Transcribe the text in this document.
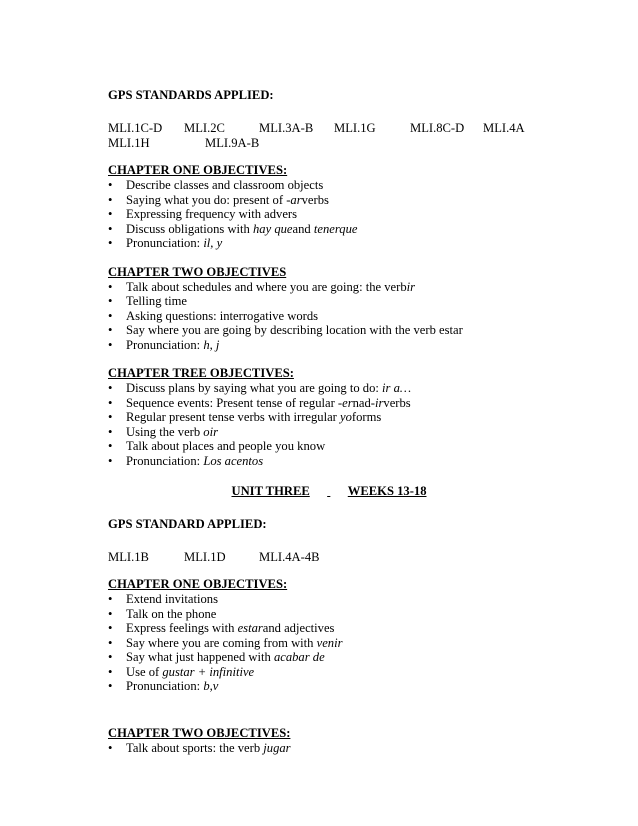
GPS STANDARDS APPLIED:
MLI.1C-D MLI.2C	MLI.3A-B MLI.1G	MLI.8C-D MLI.4A
MLI.1H	MLI.9A-B
CHAPTER ONE OBJECTIVES:
• Describe classes and classroom objects
• Saying what you do: present of -arverbs
• Expressing frequency with advers
• Discuss obligations with hay queand tenerque
• Pronunciation: il, y
CHAPTER TWO OBJECTIVES
• Talk about schedules and where you are going: the verbir
• Telling time
• Asking questions: interrogative words
• Say where you are going by describing location with the verb estar
• Pronunciation: h, j
CHAPTER TREE OBJECTIVES:
• Discuss plans by saying what you are going to do: ir a…
• Sequence events: Present tense of regular -ernad-irverbs
• Regular present tense verbs with irregular yoforms
• Using the verb oir
• Talk about places and people you know
• Pronunciation: Los acentos
UNIT THREE	WEEKS 13-18
GPS STANDARD APPLIED:
MLI.1B	MLI.1D	MLI.4A-4B
CHAPTER ONE OBJECTIVES:
• Extend invitations
• Talk on the phone
• Express feelings with estarand adjectives
• Say where you are coming from with venir
• Say what just happened with acabar de
• Use of gustar + infinitive
• Pronunciation: b,v
CHAPTER TWO OBJECTIVES:
• Talk about sports: the verb jugar
